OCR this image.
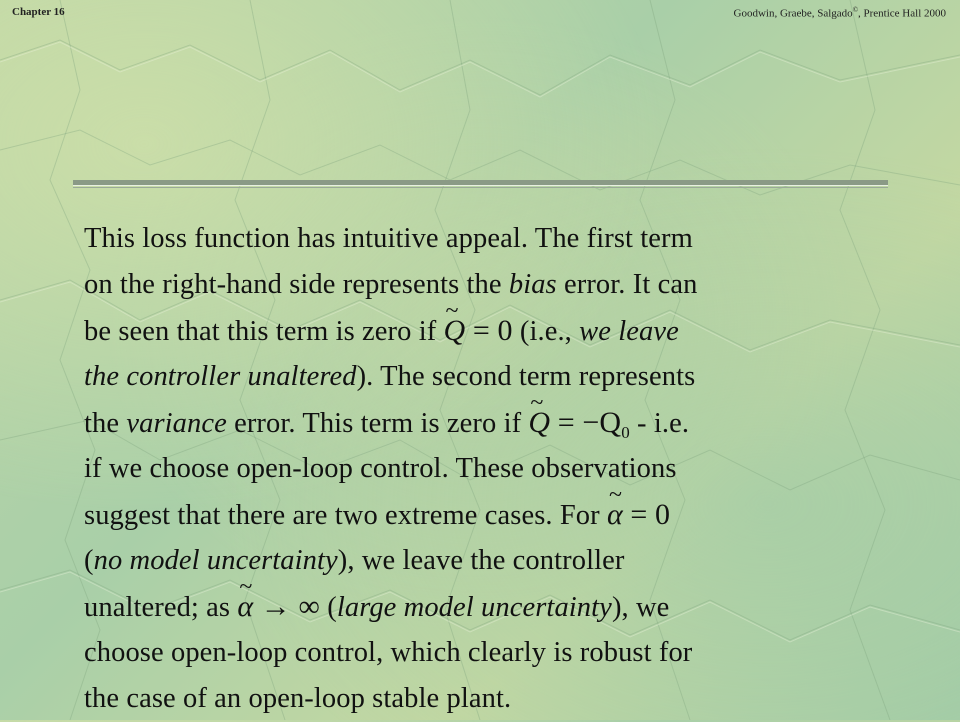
Chapter 16	Goodwin, Graebe, Salgado©, Prentice Hall 2000
This loss function has intuitive appeal. The first term
on the right-hand side represents the bias error. It can
be seen that this term is zero if ~ Q = 0 (i.e., we leave
the controller unaltered). The second term represents
the variance error. This term is zero if ~ $Q = -Q_0 - i.e$.
if we choose open-loop control. These observations
suggest that there are two extreme cases. For ~ α = 0
(no model uncertainty), we leave the controller
unaltered; as ~ α → ∞ (large model uncertainty), we
choose open-loop control, which clearly is robust for
the case of an open-loop stable plant.
